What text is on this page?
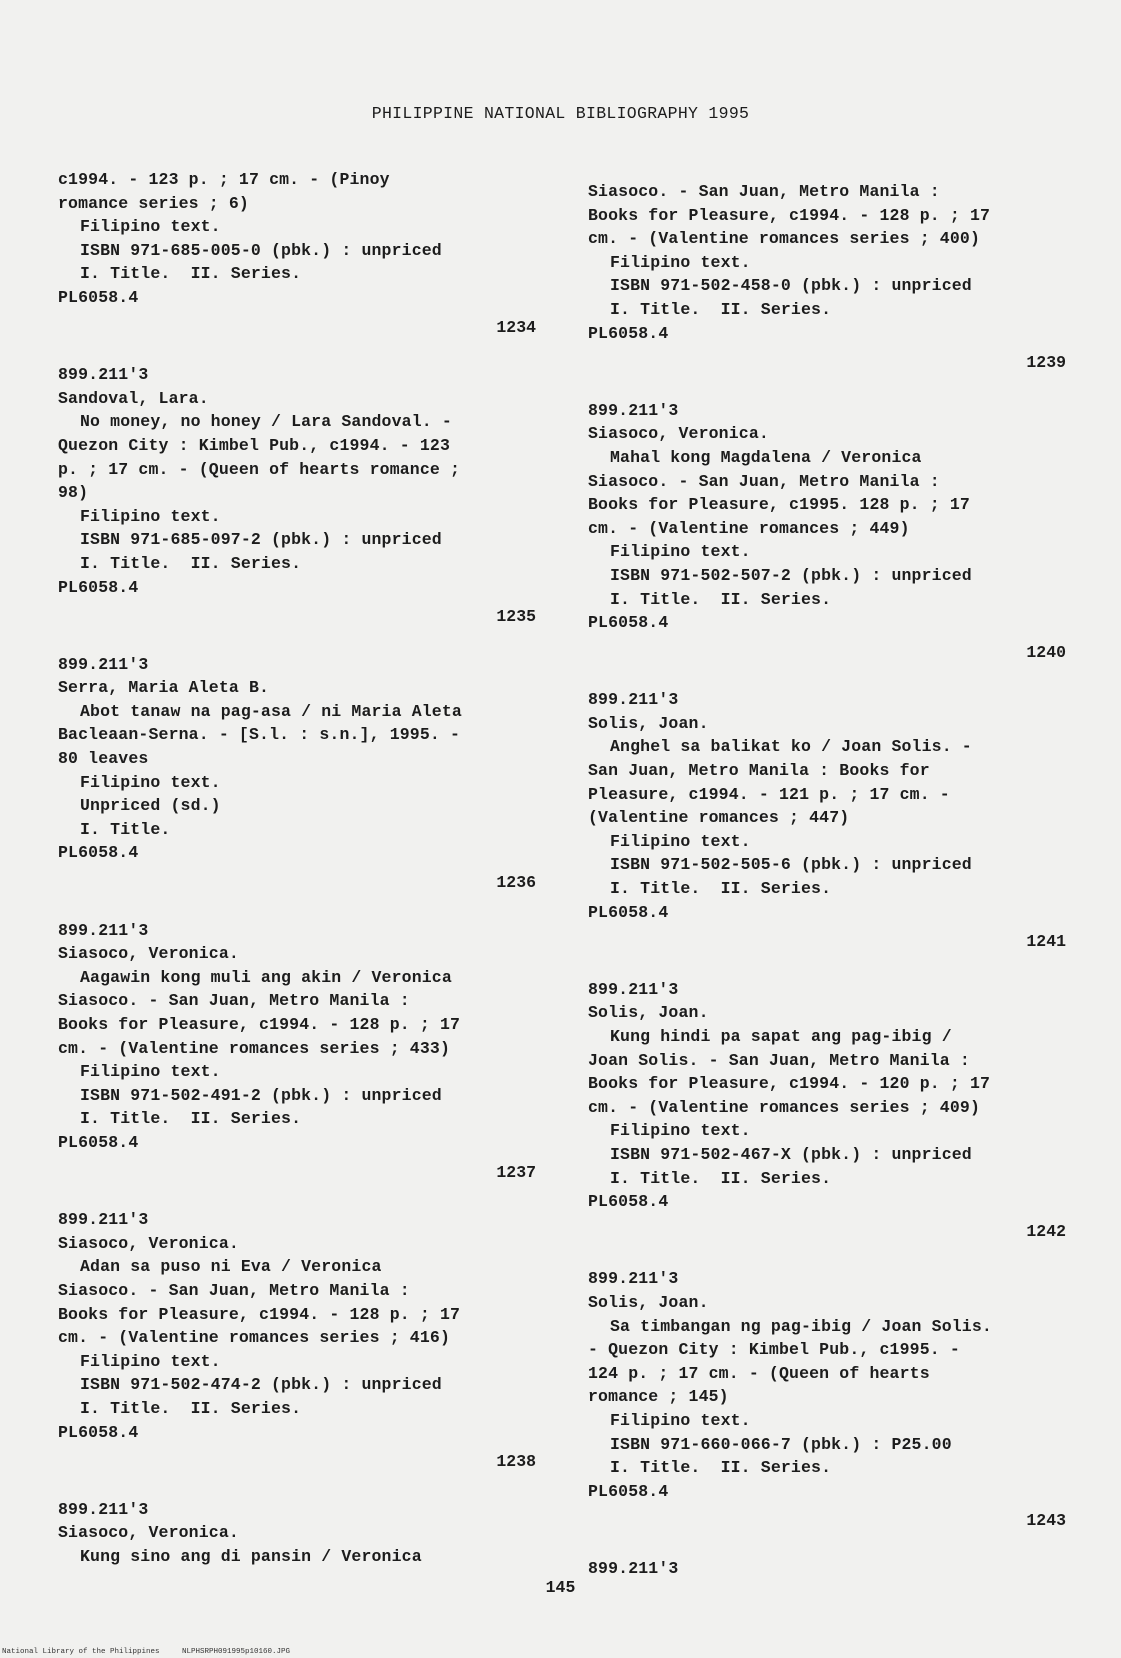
PHILIPPINE NATIONAL BIBLIOGRAPHY 1995
c1994. - 123 p. ; 17 cm. - (Pinoy
romance series ; 6)
Filipino text.
ISBN 971-685-005-0 (pbk.) : unpriced
I. Title.  II. Series.
PL6058.4
1234
899.211'3
Sandoval, Lara.
No money, no honey / Lara Sandoval. -
Quezon City : Kimbel Pub., c1994. - 123
p. ; 17 cm. - (Queen of hearts romance ;
98)
Filipino text.
ISBN 971-685-097-2 (pbk.) : unpriced
I. Title.  II. Series.
PL6058.4
1235
899.211'3
Serra, Maria Aleta B.
Abot tanaw na pag-asa / ni Maria Aleta
Bacleaan-Serna. - [S.l. : s.n.], 1995. -
80 leaves
Filipino text.
Unpriced (sd.)
I. Title.
PL6058.4
1236
899.211'3
Siasoco, Veronica.
Aagawin kong muli ang akin / Veronica
Siasoco. - San Juan, Metro Manila :
Books for Pleasure, c1994. - 128 p. ; 17
cm. - (Valentine romances series ; 433)
Filipino text.
ISBN 971-502-491-2 (pbk.) : unpriced
I. Title.  II. Series.
PL6058.4
1237
899.211'3
Siasoco, Veronica.
Adan sa puso ni Eva / Veronica
Siasoco. - San Juan, Metro Manila :
Books for Pleasure, c1994. - 128 p. ; 17
cm. - (Valentine romances series ; 416)
Filipino text.
ISBN 971-502-474-2 (pbk.) : unpriced
I. Title.  II. Series.
PL6058.4
1238
899.211'3
Siasoco, Veronica.
Kung sino ang di pansin / Veronica
Siasoco. - San Juan, Metro Manila :
Books for Pleasure, c1994. - 128 p. ; 17
cm. - (Valentine romances series ; 400)
Filipino text.
ISBN 971-502-458-0 (pbk.) : unpriced
I. Title.  II. Series.
PL6058.4
1239
899.211'3
Siasoco, Veronica.
Mahal kong Magdalena / Veronica
Siasoco. - San Juan, Metro Manila :
Books for Pleasure, c1995. 128 p. ; 17
cm. - (Valentine romances ; 449)
Filipino text.
ISBN 971-502-507-2 (pbk.) : unpriced
I. Title.  II. Series.
PL6058.4
1240
899.211'3
Solis, Joan.
Anghel sa balikat ko / Joan Solis. -
San Juan, Metro Manila : Books for
Pleasure, c1994. - 121 p. ; 17 cm. -
(Valentine romances ; 447)
Filipino text.
ISBN 971-502-505-6 (pbk.) : unpriced
I. Title.  II. Series.
PL6058.4
1241
899.211'3
Solis, Joan.
Kung hindi pa sapat ang pag-ibig /
Joan Solis. - San Juan, Metro Manila :
Books for Pleasure, c1994. - 120 p. ; 17
cm. - (Valentine romances series ; 409)
Filipino text.
ISBN 971-502-467-X (pbk.) : unpriced
I. Title.  II. Series.
PL6058.4
1242
899.211'3
Solis, Joan.
Sa timbangan ng pag-ibig / Joan Solis.
- Quezon City : Kimbel Pub., c1995. -
124 p. ; 17 cm. - (Queen of hearts
romance ; 145)
Filipino text.
ISBN 971-660-066-7 (pbk.) : P25.00
I. Title.  II. Series.
PL6058.4
1243
899.211'3
145
National Library of the Philippines     NLPHSRPH091995p10160.JPG
